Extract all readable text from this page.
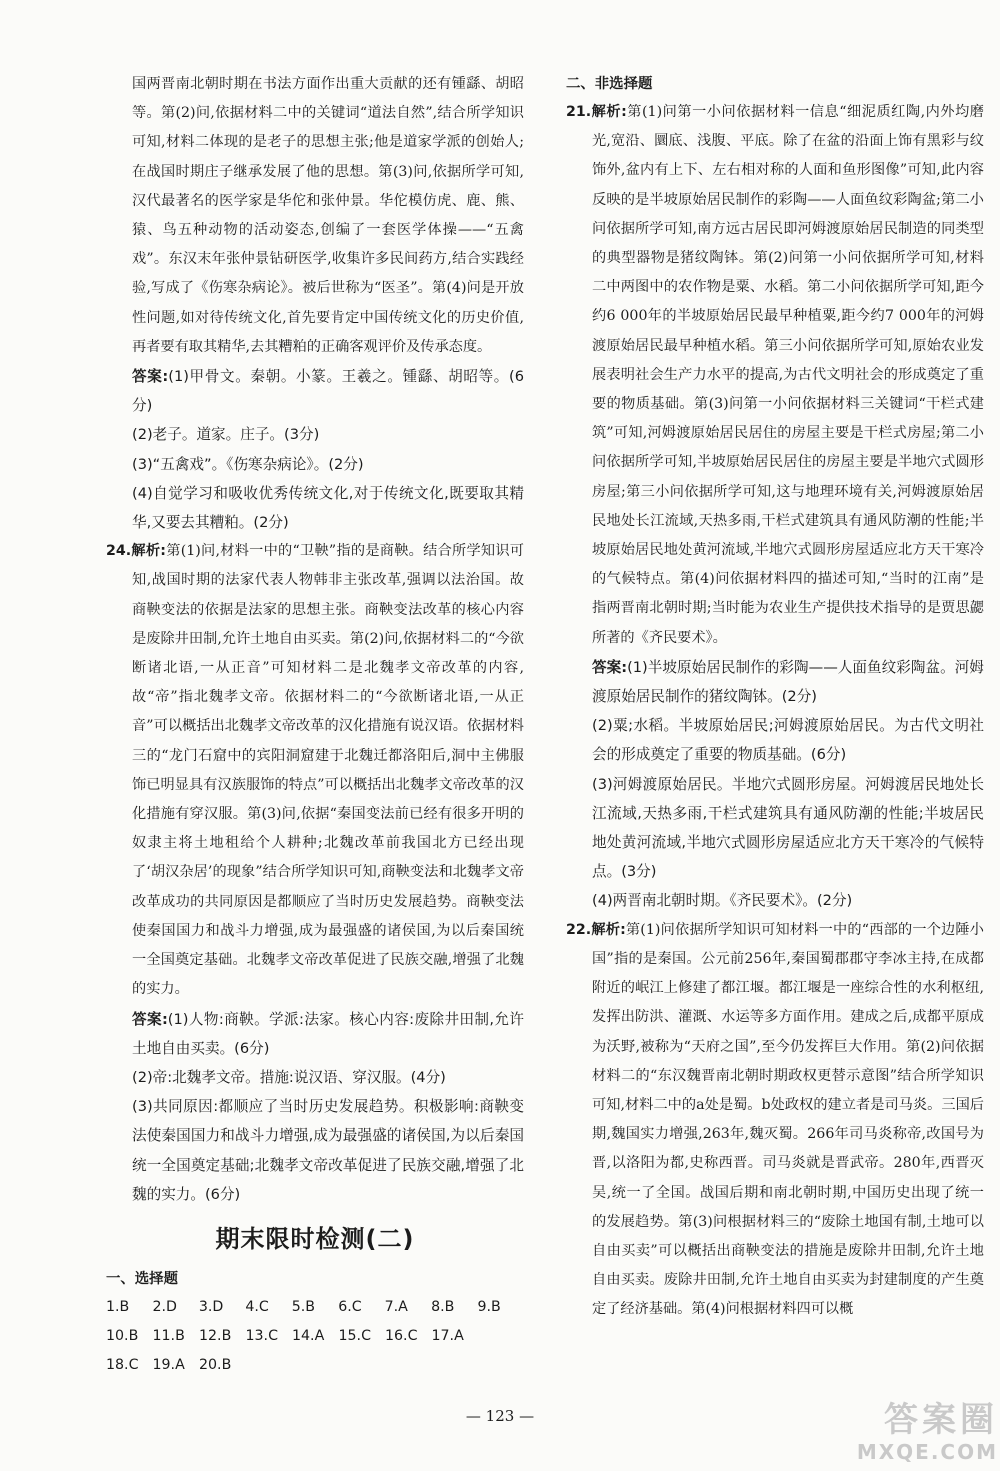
国两晋南北朝时期在书法方面作出重大贡献的还有锺繇、胡昭等。第(2)问,依据材料二中的关键词“道法自然”,结合所学知识可知,材料二体现的是老子的思想主张;他是道家学派的创始人;在战国时期庄子继承发展了他的思想。第(3)问,依据所学可知,汉代最著名的医学家是华佗和张仲景。华佗模仿虎、鹿、熊、猿、鸟五种动物的活动姿态,创编了一套医学体操——“五禽戏”。东汉末年张仲景钻研医学,收集许多民间药方,结合实践经验,写成了《伤寒杂病论》。被后世称为“医圣”。第(4)问是开放性问题,如对待传统文化,首先要肯定中国传统文化的历史价值,再者要有取其精华,去其糟粕的正确客观评价及传承态度。

答案:(1)甲骨文。秦朝。小篆。王羲之。锺繇、胡昭等。(6分)

(2)老子。道家。庄子。(3分)

(3)“五禽戏”。《伤寒杂病论》。(2分)

(4)自觉学习和吸收优秀传统文化,对于传统文化,既要取其精华,又要去其糟粕。(2分)

24.解析:第(1)问,材料一中的“卫鞅”指的是商鞅。结合所学知识可知,战国时期的法家代表人物韩非主张改革,强调以法治国。故商鞅变法的依据是法家的思想主张。商鞅变法改革的核心内容是废除井田制,允许土地自由买卖。第(2)问,依据材料二的“今欲断诸北语,一从正音”可知材料二是北魏孝文帝改革的内容,故“帝”指北魏孝文帝。依据材料二的“今欲断诸北语,一从正音”可以概括出北魏孝文帝改革的汉化措施有说汉语。依据材料三的“龙门石窟中的宾阳洞窟建于北魏迁都洛阳后,洞中主佛服饰已明显具有汉族服饰的特点”可以概括出北魏孝文帝改革的汉化措施有穿汉服。第(3)问,依据“秦国变法前已经有很多开明的奴隶主将土地租给个人耕种;北魏改革前我国北方已经出现了‘胡汉杂居’的现象”结合所学知识可知,商鞅变法和北魏孝文帝改革成功的共同原因是都顺应了当时历史发展趋势。商鞅变法使秦国国力和战斗力增强,成为最强盛的诸侯国,为以后秦国统一全国奠定基础。北魏孝文帝改革促进了民族交融,增强了北魏的实力。

答案:(1)人物:商鞅。学派:法家。核心内容:废除井田制,允许土地自由买卖。(6分)

(2)帝:北魏孝文帝。措施:说汉语、穿汉服。(4分)

(3)共同原因:都顺应了当时历史发展趋势。积极影响:商鞅变法使秦国国力和战斗力增强,成为最强盛的诸侯国,为以后秦国统一全国奠定基础;北魏孝文帝改革促进了民族交融,增强了北魏的实力。(6分)

期末限时检测(二)

一、选择题

1.B	2.D	3.D	4.C	5.B	6.C	7.A	8.B	9.B

10.B	11.B	12.B	13.C 14.A	15.C 16.C 17.A

18.C 19.A	20.B

二、非选择题

21.解析:第(1)问第一小问依据材料一信息“细泥质红陶,内外均磨光,宽沿、圜底、浅腹、平底。除了在盆的沿面上饰有黑彩与纹饰外,盆内有上下、左右相对称的人面和鱼形图像”可知,此内容反映的是半坡原始居民制作的彩陶——人面鱼纹彩陶盆;第二小问依据所学可知,南方远古居民即河姆渡原始居民制造的同类型的典型器物是猪纹陶钵。第(2)问第一小问依据所学可知,材料二中两图中的农作物是粟、水稻。第二小问依据所学可知,距今约6 000年的半坡原始居民最早种植粟,距今约7 000年的河姆渡原始居民最早种植水稻。第三小问依据所学可知,原始农业发展表明社会生产力水平的提高,为古代文明社会的形成奠定了重要的物质基础。第(3)问第一小问依据材料三关键词“干栏式建筑”可知,河姆渡原始居民居住的房屋主要是干栏式房屋;第二小问依据所学可知,半坡原始居民居住的房屋主要是半地穴式圆形房屋;第三小问依据所学可知,这与地理环境有关,河姆渡原始居民地处长江流域,天热多雨,干栏式建筑具有通风防潮的性能;半坡原始居民地处黄河流域,半地穴式圆形房屋适应北方天干寒冷的气候特点。第(4)问依据材料四的描述可知,“当时的江南”是指两晋南北朝时期;当时能为农业生产提供技术指导的是贾思勰所著的《齐民要术》。

答案:(1)半坡原始居民制作的彩陶——人面鱼纹彩陶盆。河姆渡原始居民制作的猪纹陶钵。(2分)

(2)粟;水稻。半坡原始居民;河姆渡原始居民。为古代文明社会的形成奠定了重要的物质基础。(6分)

(3)河姆渡原始居民。半地穴式圆形房屋。河姆渡居民地处长江流域,天热多雨,干栏式建筑具有通风防潮的性能;半坡居民地处黄河流域,半地穴式圆形房屋适应北方天干寒冷的气候特点。(3分)

(4)两晋南北朝时期。《齐民要术》。(2分)

22.解析:第(1)问依据所学知识可知材料一中的“西部的一个边陲小国”指的是秦国。公元前256年,秦国蜀郡郡守李冰主持,在成都附近的岷江上修建了都江堰。都江堰是一座综合性的水利枢纽,发挥出防洪、灌溉、水运等多方面作用。建成之后,成都平原成为沃野,被称为“天府之国”,至今仍发挥巨大作用。第(2)问依据材料二的“东汉魏晋南北朝时期政权更替示意图”结合所学知识可知,材料二中的a处是蜀。b处政权的建立者是司马炎。三国后期,魏国实力增强,263年,魏灭蜀。266年司马炎称帝,改国号为晋,以洛阳为都,史称西晋。司马炎就是晋武帝。280年,西晋灭吴,统一了全国。战国后期和南北朝时期,中国历史出现了统一的发展趋势。第(3)问根据材料三的“废除土地国有制,土地可以自由买卖”可以概括出商鞅变法的措施是废除井田制,允许土地自由买卖。废除井田制,允许土地自由买卖为封建制度的产生奠定了经济基础。第(4)问根据材料四可以概

— 123 —	答案圈
MXQE.COM
